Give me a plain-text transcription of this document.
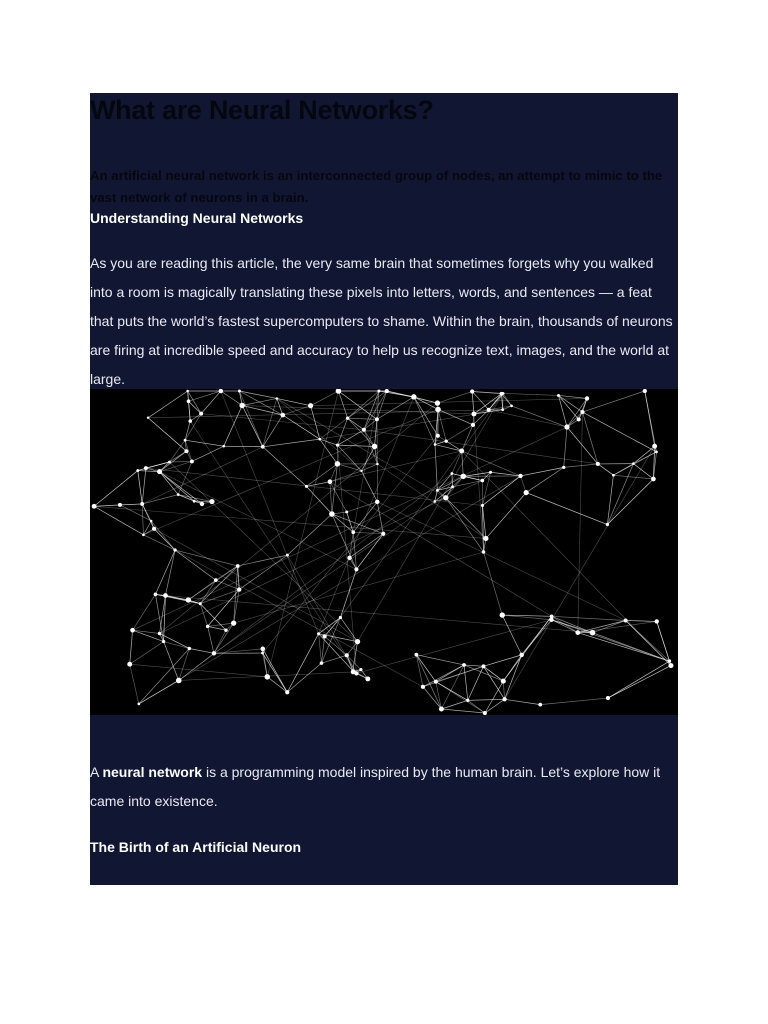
What are Neural Networks?

An artificial neural network is an interconnected group of nodes, an attempt to mimic to the vast network of neurons in a brain.

Understanding Neural Networks

As you are reading this article, the very same brain that sometimes forgets why you walked into a room is magically translating these pixels into letters, words, and sentences — a feat that puts the world’s fastest supercomputers to shame. Within the brain, thousands of neurons are firing at incredible speed and accuracy to help us recognize text, images, and the world at large.

A neural network is a programming model inspired by the human brain. Let’s explore how it came into existence.

The Birth of an Artificial Neuron
